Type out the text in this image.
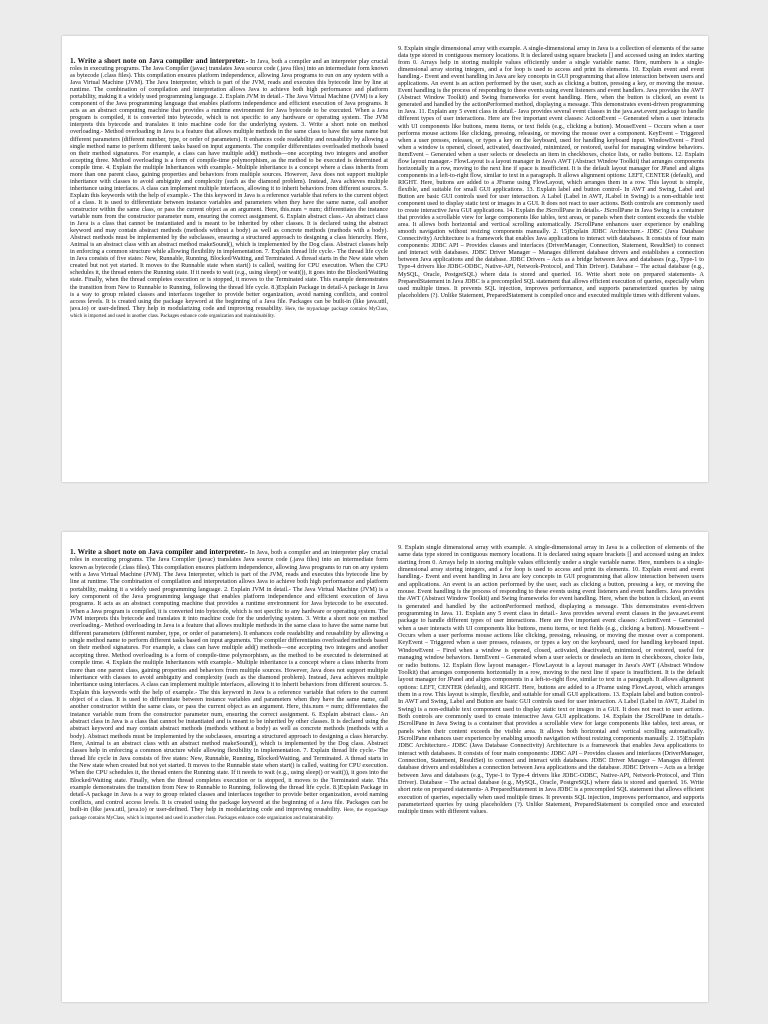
1. Write a short note on Java compiler and interpreter.- In Java, both a compiler and an interpreter play crucial roles in executing programs. The Java Compiler (javac) translates Java source code (.java files) into an intermediate form known as bytecode (.class files). This compilation ensures platform independence, allowing Java programs to run on any system with a Java Virtual Machine (JVM). The Java Interpreter, which is part of the JVM, reads and executes this bytecode line by line at runtime. The combination of compilation and interpretation allows Java to achieve both high performance and platform portability, making it a widely used programming language. 2. Explain JVM in detail.- The Java Virtual Machine (JVM) is a key component of the Java programming language that enables platform independence and efficient execution of Java programs. It acts as an abstract computing machine that provides a runtime environment for Java bytecode to be executed. When a Java program is compiled, it is converted into bytecode, which is not specific to any hardware or operating system. The JVM interprets this bytecode and translates it into machine code for the underlying system. 3. Write a short note on method overloading.- Method overloading in Java is a feature that allows multiple methods in the same class to have the same name but different parameters (different number, type, or order of parameters). It enhances code readability and reusability by allowing a single method name to perform different tasks based on input arguments. The compiler differentiates overloaded methods based on their method signatures. For example, a class can have multiple add() methods—one accepting two integers and another accepting three. Method overloading is a form of compile-time polymorphism, as the method to be executed is determined at compile time. 4. Explain the multiple Inheritances with example.- Multiple inheritance is a concept where a class inherits from more than one parent class, gaining properties and behaviors from multiple sources. However, Java does not support multiple inheritance with classes to avoid ambiguity and complexity (such as the diamond problem). Instead, Java achieves multiple inheritance using interfaces. A class can implement multiple interfaces, allowing it to inherit behaviors from different sources. 5. Explain this keywords with the help of example.- The this keyword in Java is a reference variable that refers to the current object of a class. It is used to differentiate between instance variables and parameters when they have the same name, call another constructor within the same class, or pass the current object as an argument. Here, this.num = num; differentiates the instance variable num from the constructor parameter num, ensuring the correct assignment. 6. Explain abstract class.- An abstract class in Java is a class that cannot be instantiated and is meant to be inherited by other classes. It is declared using the abstract keyword and may contain abstract methods (methods without a body) as well as concrete methods (methods with a body). Abstract methods must be implemented by the subclasses, ensuring a structured approach to designing a class hierarchy. Here, Animal is an abstract class with an abstract method makeSound(), which is implemented by the Dog class. Abstract classes help in enforcing a common structure while allowing flexibility in implementation. 7. Explain thread life cycle.- The thread life cycle in Java consists of five states: New, Runnable, Running, Blocked/Waiting, and Terminated. A thread starts in the New state when created but not yet started. It moves to the Runnable state when start() is called, waiting for CPU execution. When the CPU schedules it, the thread enters the Running state. If it needs to wait (e.g., using sleep() or wait()), it goes into the Blocked/Waiting state. Finally, when the thread completes execution or is stopped, it moves to the Terminated state. This example demonstrates the transition from New to Runnable to Running, following the thread life cycle. 8.)Explain Package in detail-A package in Java is a way to group related classes and interfaces together to provide better organization, avoid naming conflicts, and control access levels. It is created using the package keyword at the beginning of a Java file. Packages can be built-in (like java.util, java.io) or user-defined. They help in modularizing code and improving reusability. Here, the mypackage package contains MyClass, which is imported and used in another class. Packages enhance code organization and maintainability.

9. Explain single dimensional array with example. A single-dimensional array in Java is a collection of elements of the same data type stored in contiguous memory locations. It is declared using square brackets [] and accessed using an index starting from 0. Arrays help in storing multiple values efficiently under a single variable name. Here, numbers is a single-dimensional array storing integers, and a for loop is used to access and print its elements. 10. Explain event and event handling.- Event and event handling in Java are key concepts in GUI programming that allow interaction between users and applications. An event is an action performed by the user, such as clicking a button, pressing a key, or moving the mouse. Event handling is the process of responding to these events using event listeners and event handlers. Java provides the AWT (Abstract Window Toolkit) and Swing frameworks for event handling. Here, when the button is clicked, an event is generated and handled by the actionPerformed method, displaying a message. This demonstrates event-driven programming in Java. 11. Explain any 5 event class in detail.- Java provides several event classes in the java.awt.event package to handle different types of user interactions. Here are five important event classes: ActionEvent – Generated when a user interacts with UI components like buttons, menu items, or text fields (e.g., clicking a button). MouseEvent – Occurs when a user performs mouse actions like clicking, pressing, releasing, or moving the mouse over a component. KeyEvent – Triggered when a user presses, releases, or types a key on the keyboard, used for handling keyboard input. WindowEvent – Fired when a window is opened, closed, activated, deactivated, minimized, or restored, useful for managing window behaviors. ItemEvent – Generated when a user selects or deselects an item in checkboxes, choice lists, or radio buttons. 12. Explain flow layout manager.- FlowLayout is a layout manager in Java's AWT (Abstract Window Toolkit) that arranges components horizontally in a row, moving to the next line if space is insufficient. It is the default layout manager for JPanel and aligns components in a left-to-right flow, similar to text in a paragraph. It allows alignment options: LEFT, CENTER (default), and RIGHT. Here, buttons are added to a JFrame using FlowLayout, which arranges them in a row. This layout is simple, flexible, and suitable for small GUI applications. 13. Explain label and button control- In AWT and Swing, Label and Button are basic GUI controls used for user interaction. A Label (Label in AWT, JLabel in Swing) is a non-editable text component used to display static text or images in a GUI. It does not react to user actions. Both controls are commonly used to create interactive Java GUI applications. 14. Explain the JScrollPane in details.- JScrollPane in Java Swing is a container that provides a scrollable view for large components like tables, text areas, or panels when their content exceeds the visible area. It allows both horizontal and vertical scrolling automatically. JScrollPane enhances user experience by enabling smooth navigation without resizing components manually. 2. 15)Explain JDBC Architecture.- JDBC (Java Database Connectivity) Architecture is a framework that enables Java applications to interact with databases. It consists of four main components: JDBC API – Provides classes and interfaces (DriverManager, Connection, Statement, ResultSet) to connect and interact with databases. JDBC Driver Manager – Manages different database drivers and establishes a connection between Java applications and the database. JDBC Drivers – Acts as a bridge between Java and databases (e.g., Type-1 to Type-4 drivers like JDBC-ODBC, Native-API, Network-Protocol, and Thin Driver). Database – The actual database (e.g., MySQL, Oracle, PostgreSQL) where data is stored and queried. 16. Write short note on prepared statements- A PreparedStatement in Java JDBC is a precompiled SQL statement that allows efficient execution of queries, especially when used multiple times. It prevents SQL injection, improves performance, and supports parameterized queries by using placeholders (?). Unlike Statement, PreparedStatement is compiled once and executed multiple times with different values.

1. Write a short note on Java compiler and interpreter.- In Java, both a compiler and an interpreter play crucial roles in executing programs. The Java Compiler (javac) translates Java source code (.java files) into an intermediate form known as bytecode (.class files). This compilation ensures platform independence, allowing Java programs to run on any system with a Java Virtual Machine (JVM). The Java Interpreter, which is part of the JVM, reads and executes this bytecode line by line at runtime. The combination of compilation and interpretation allows Java to achieve both high performance and platform portability, making it a widely used programming language. 2. Explain JVM in detail.- The Java Virtual Machine (JVM) is a key component of the Java programming language that enables platform independence and efficient execution of Java programs. It acts as an abstract computing machine that provides a runtime environment for Java bytecode to be executed. When a Java program is compiled, it is converted into bytecode, which is not specific to any hardware or operating system. The JVM interprets this bytecode and translates it into machine code for the underlying system. 3. Write a short note on method overloading.- Method overloading in Java is a feature that allows multiple methods in the same class to have the same name but different parameters (different number, type, or order of parameters). It enhances code readability and reusability by allowing a single method name to perform different tasks based on input arguments. The compiler differentiates overloaded methods based on their method signatures. For example, a class can have multiple add() methods—one accepting two integers and another accepting three. Method overloading is a form of compile-time polymorphism, as the method to be executed is determined at compile time. 4. Explain the multiple Inheritances with example.- Multiple inheritance is a concept where a class inherits from more than one parent class, gaining properties and behaviors from multiple sources. However, Java does not support multiple inheritance with classes to avoid ambiguity and complexity (such as the diamond problem). Instead, Java achieves multiple inheritance using interfaces. A class can implement multiple interfaces, allowing it to inherit behaviors from different sources. 5. Explain this keywords with the help of example.- The this keyword in Java is a reference variable that refers to the current object of a class. It is used to differentiate between instance variables and parameters when they have the same name, call another constructor within the same class, or pass the current object as an argument. Here, this.num = num; differentiates the instance variable num from the constructor parameter num, ensuring the correct assignment. 6. Explain abstract class.- An abstract class in Java is a class that cannot be instantiated and is meant to be inherited by other classes. It is declared using the abstract keyword and may contain abstract methods (methods without a body) as well as concrete methods (methods with a body). Abstract methods must be implemented by the subclasses, ensuring a structured approach to designing a class hierarchy. Here, Animal is an abstract class with an abstract method makeSound(), which is implemented by the Dog class. Abstract classes help in enforcing a common structure while allowing flexibility in implementation. 7. Explain thread life cycle.- The thread life cycle in Java consists of five states: New, Runnable, Running, Blocked/Waiting, and Terminated. A thread starts in the New state when created but not yet started. It moves to the Runnable state when start() is called, waiting for CPU execution. When the CPU schedules it, the thread enters the Running state. If it needs to wait (e.g., using sleep() or wait()), it goes into the Blocked/Waiting state. Finally, when the thread completes execution or is stopped, it moves to the Terminated state. This example demonstrates the transition from New to Runnable to Running, following the thread life cycle. 8.)Explain Package in detail-A package in Java is a way to group related classes and interfaces together to provide better organization, avoid naming conflicts, and control access levels. It is created using the package keyword at the beginning of a Java file. Packages can be built-in (like java.util, java.io) or user-defined. They help in modularizing code and improving reusability. Here, the mypackage package contains MyClass, which is imported and used in another class. Packages enhance code organization and maintainability.

9. Explain single dimensional array with example. A single-dimensional array in Java is a collection of elements of the same data type stored in contiguous memory locations. It is declared using square brackets [] and accessed using an index starting from 0. Arrays help in storing multiple values efficiently under a single variable name. Here, numbers is a single-dimensional array storing integers, and a for loop is used to access and print its elements. 10. Explain event and event handling.- Event and event handling in Java are key concepts in GUI programming that allow interaction between users and applications. An event is an action performed by the user, such as clicking a button, pressing a key, or moving the mouse. Event handling is the process of responding to these events using event listeners and event handlers. Java provides the AWT (Abstract Window Toolkit) and Swing frameworks for event handling. Here, when the button is clicked, an event is generated and handled by the actionPerformed method, displaying a message. This demonstrates event-driven programming in Java. 11. Explain any 5 event class in detail.- Java provides several event classes in the java.awt.event package to handle different types of user interactions. Here are five important event classes: ActionEvent – Generated when a user interacts with UI components like buttons, menu items, or text fields (e.g., clicking a button). MouseEvent – Occurs when a user performs mouse actions like clicking, pressing, releasing, or moving the mouse over a component. KeyEvent – Triggered when a user presses, releases, or types a key on the keyboard, used for handling keyboard input. WindowEvent – Fired when a window is opened, closed, activated, deactivated, minimized, or restored, useful for managing window behaviors. ItemEvent – Generated when a user selects or deselects an item in checkboxes, choice lists, or radio buttons. 12. Explain flow layout manager.- FlowLayout is a layout manager in Java's AWT (Abstract Window Toolkit) that arranges components horizontally in a row, moving to the next line if space is insufficient. It is the default layout manager for JPanel and aligns components in a left-to-right flow, similar to text in a paragraph. It allows alignment options: LEFT, CENTER (default), and RIGHT. Here, buttons are added to a JFrame using FlowLayout, which arranges them in a row. This layout is simple, flexible, and suitable for small GUI applications. 13. Explain label and button control- In AWT and Swing, Label and Button are basic GUI controls used for user interaction. A Label (Label in AWT, JLabel in Swing) is a non-editable text component used to display static text or images in a GUI. It does not react to user actions. Both controls are commonly used to create interactive Java GUI applications. 14. Explain the JScrollPane in details.- JScrollPane in Java Swing is a container that provides a scrollable view for large components like tables, text areas, or panels when their content exceeds the visible area. It allows both horizontal and vertical scrolling automatically. JScrollPane enhances user experience by enabling smooth navigation without resizing components manually. 2. 15)Explain JDBC Architecture.- JDBC (Java Database Connectivity) Architecture is a framework that enables Java applications to interact with databases. It consists of four main components: JDBC API – Provides classes and interfaces (DriverManager, Connection, Statement, ResultSet) to connect and interact with databases. JDBC Driver Manager – Manages different database drivers and establishes a connection between Java applications and the database. JDBC Drivers – Acts as a bridge between Java and databases (e.g., Type-1 to Type-4 drivers like JDBC-ODBC, Native-API, Network-Protocol, and Thin Driver). Database – The actual database (e.g., MySQL, Oracle, PostgreSQL) where data is stored and queried. 16. Write short note on prepared statements- A PreparedStatement in Java JDBC is a precompiled SQL statement that allows efficient execution of queries, especially when used multiple times. It prevents SQL injection, improves performance, and supports parameterized queries by using placeholders (?). Unlike Statement, PreparedStatement is compiled once and executed multiple times with different values.
